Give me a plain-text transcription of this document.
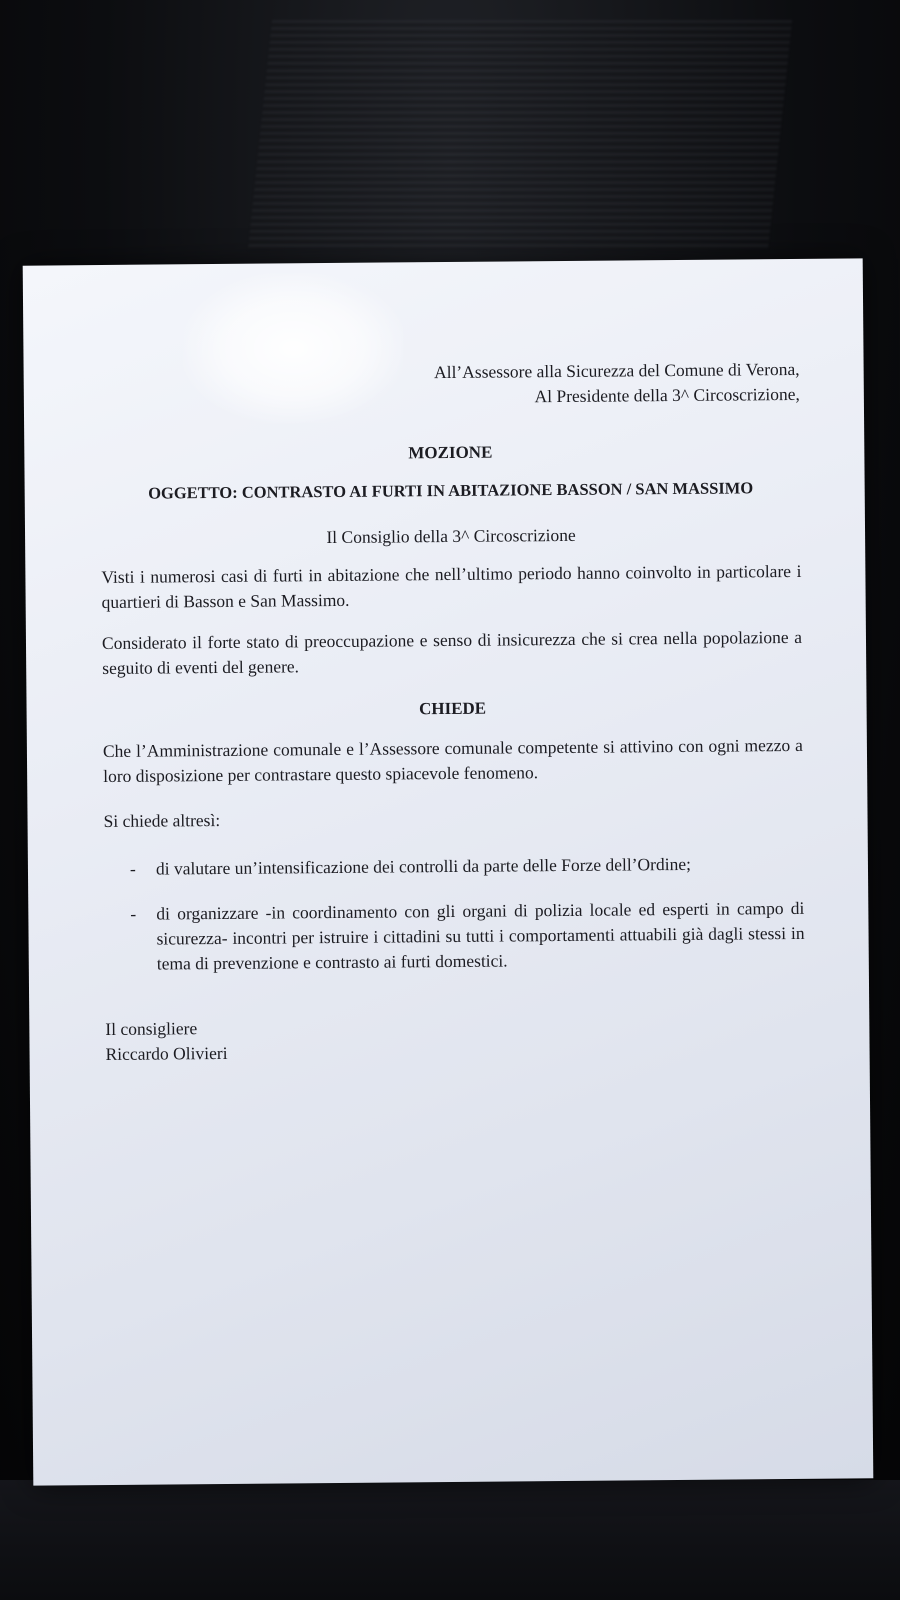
All’Assessore alla Sicurezza del Comune di Verona,
Al Presidente della 3^ Circoscrizione,
MOZIONE
OGGETTO: CONTRASTO AI FURTI IN ABITAZIONE BASSON / SAN MASSIMO
Il Consiglio della 3^ Circoscrizione
Visti i numerosi casi di furti in abitazione che nell’ultimo periodo hanno coinvolto in particolare i quartieri di Basson e San Massimo.
Considerato il forte stato di preoccupazione e senso di insicurezza che si crea nella popolazione a seguito di eventi del genere.
CHIEDE
Che l’Amministrazione comunale e l’Assessore comunale competente si attivino con ogni mezzo a loro disposizione per contrastare questo spiacevole fenomeno.
Si chiede altresì:
- di valutare un’intensificazione dei controlli da parte delle Forze dell’Ordine;
- di organizzare -in coordinamento con gli organi di polizia locale ed esperti in campo di sicurezza- incontri per istruire i cittadini su tutti i comportamenti attuabili già dagli stessi in tema di prevenzione e contrasto ai furti domestici.
Il consigliere
Riccardo Olivieri
